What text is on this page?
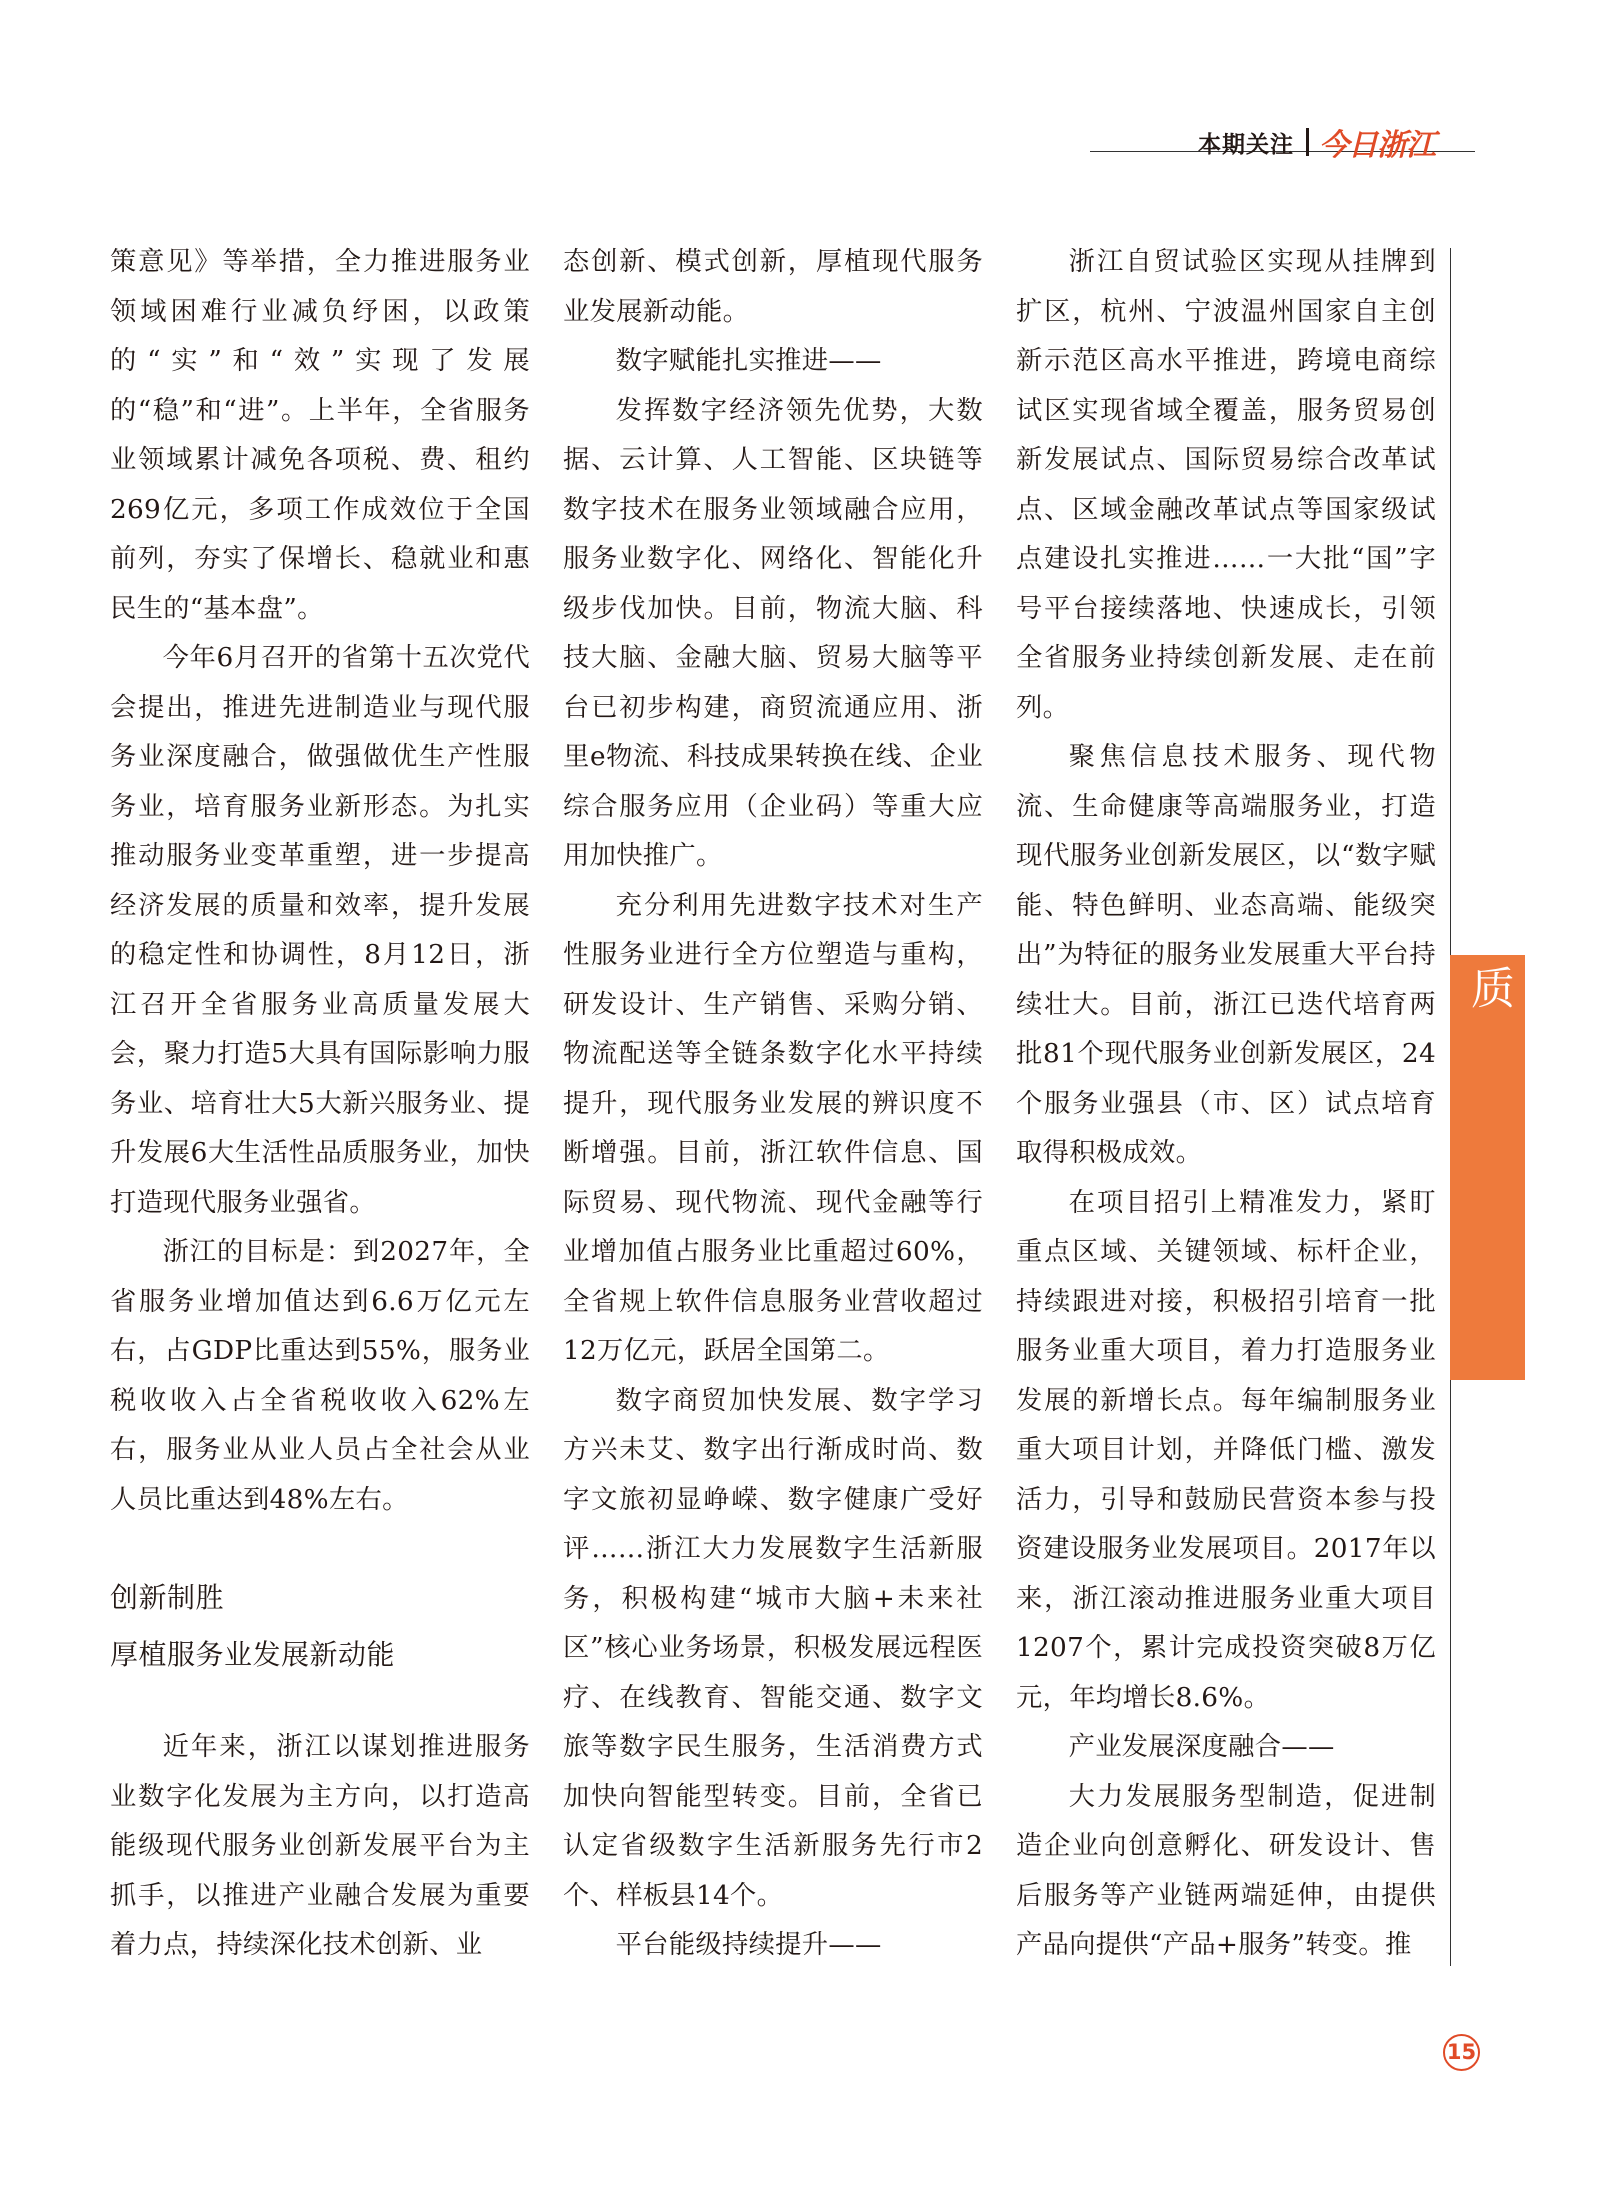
本期关注 今日浙江

策意见》等举措，全力推进服务业领域困难行业减负纾困，以政策的“实”和“效”实现了发展的“稳”和“进”。上半年，全省服务业领域累计减免各项税、费、租约269亿元，多项工作成效位于全国前列，夯实了保增长、稳就业和惠民生的“基本盘”。

今年6月召开的省第十五次党代会提出，推进先进制造业与现代服务业深度融合，做强做优生产性服务业，培育服务业新形态。为扎实推动服务业变革重塑，进一步提高经济发展的质量和效率，提升发展的稳定性和协调性，8月12日，浙江召开全省服务业高质量发展大会，聚力打造5大具有国际影响力服务业、培育壮大5大新兴服务业、提升发展6大生活性品质服务业，加快打造现代服务业强省。

浙江的目标是：到2027年，全省服务业增加值达到6.6万亿元左右，占GDP比重达到55%，服务业税收收入占全省税收收入62%左右，服务业从业人员占全社会从业人员比重达到48%左右。

创新制胜
厚植服务业发展新动能

近年来，浙江以谋划推进服务业数字化发展为主方向，以打造高能级现代服务业创新发展平台为主抓手，以推进产业融合发展为重要着力点，持续深化技术创新、业

态创新、模式创新，厚植现代服务业发展新动能。

数字赋能扎实推进——

发挥数字经济领先优势，大数据、云计算、人工智能、区块链等数字技术在服务业领域融合应用，服务业数字化、网络化、智能化升级步伐加快。目前，物流大脑、科技大脑、金融大脑、贸易大脑等平台已初步构建，商贸流通应用、浙里e物流、科技成果转换在线、企业综合服务应用（企业码）等重大应用加快推广。

充分利用先进数字技术对生产性服务业进行全方位塑造与重构，研发设计、生产销售、采购分销、物流配送等全链条数字化水平持续提升，现代服务业发展的辨识度不断增强。目前，浙江软件信息、国际贸易、现代物流、现代金融等行业增加值占服务业比重超过60%，全省规上软件信息服务业营收超过12万亿元，跃居全国第二。

数字商贸加快发展、数字学习方兴未艾、数字出行渐成时尚、数字文旅初显峥嵘、数字健康广受好评……浙江大力发展数字生活新服务，积极构建“城市大脑+未来社区”核心业务场景，积极发展远程医疗、在线教育、智能交通、数字文旅等数字民生服务，生活消费方式加快向智能型转变。目前，全省已认定省级数字生活新服务先行市2个、样板县14个。

平台能级持续提升——

浙江自贸试验区实现从挂牌到扩区，杭州、宁波温州国家自主创新示范区高水平推进，跨境电商综试区实现省域全覆盖，服务贸易创新发展试点、国际贸易综合改革试点、区域金融改革试点等国家级试点建设扎实推进……一大批“国”字号平台接续落地、快速成长，引领全省服务业持续创新发展、走在前列。

聚焦信息技术服务、现代物流、生命健康等高端服务业，打造现代服务业创新发展区，以“数字赋能、特色鲜明、业态高端、能级突出”为特征的服务业发展重大平台持续壮大。目前，浙江已迭代培育两批81个现代服务业创新发展区，24个服务业强县（市、区）试点培育取得积极成效。

在项目招引上精准发力，紧盯重点区域、关键领域、标杆企业，持续跟进对接，积极招引培育一批服务业重大项目，着力打造服务业发展的新增长点。每年编制服务业重大项目计划，并降低门槛、激发活力，引导和鼓励民营资本参与投资建设服务业发展项目。2017年以来，浙江滚动推进服务业重大项目1207个，累计完成投资突破8万亿元，年均增长8.6%。

产业发展深度融合——

大力发展服务型制造，促进制造企业向创意孵化、研发设计、售后服务等产业链两端延伸，由提供产品向提供“产品+服务”转变。推

『浙江服务』稳进提质
15
